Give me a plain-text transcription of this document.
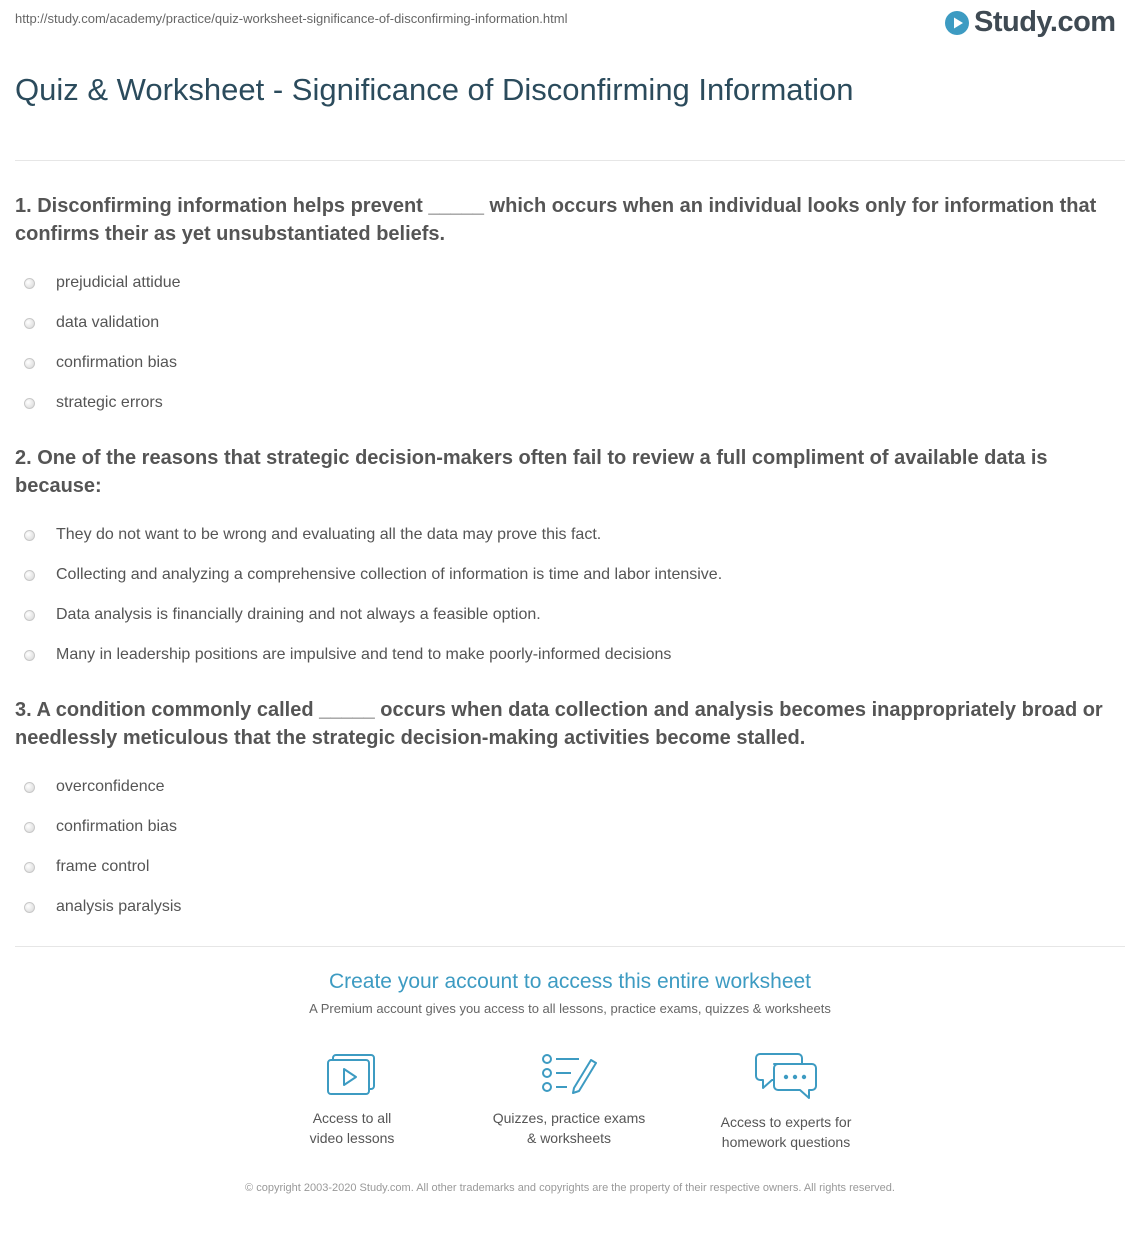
http://study.com/academy/practice/quiz-worksheet-significance-of-disconfirming-information.html	Study.com
Quiz & Worksheet - Significance of Disconfirming Information

1. Disconfirming information helps prevent _____ which occurs when an individual looks only for information that confirms their as yet unsubstantiated beliefs.

prejudicial attidue
data validation
confirmation bias
strategic errors

2. One of the reasons that strategic decision-makers often fail to review a full compliment of available data is because:

They do not want to be wrong and evaluating all the data may prove this fact.
Collecting and analyzing a comprehensive collection of information is time and labor intensive.
Data analysis is financially draining and not always a feasible option.
Many in leadership positions are impulsive and tend to make poorly-informed decisions

3. A condition commonly called _____ occurs when data collection and analysis becomes inappropriately broad or needlessly meticulous that the strategic decision-making activities become stalled.

overconfidence
confirmation bias
frame control
analysis paralysis
Create your account to access this entire worksheet
A Premium account gives you access to all lessons, practice exams, quizzes & worksheets
Access to all
video lessons
Quizzes, practice exams
& worksheets
Access to experts for
homework questions
© copyright 2003-2020 Study.com. All other trademarks and copyrights are the property of their respective owners. All rights reserved.
